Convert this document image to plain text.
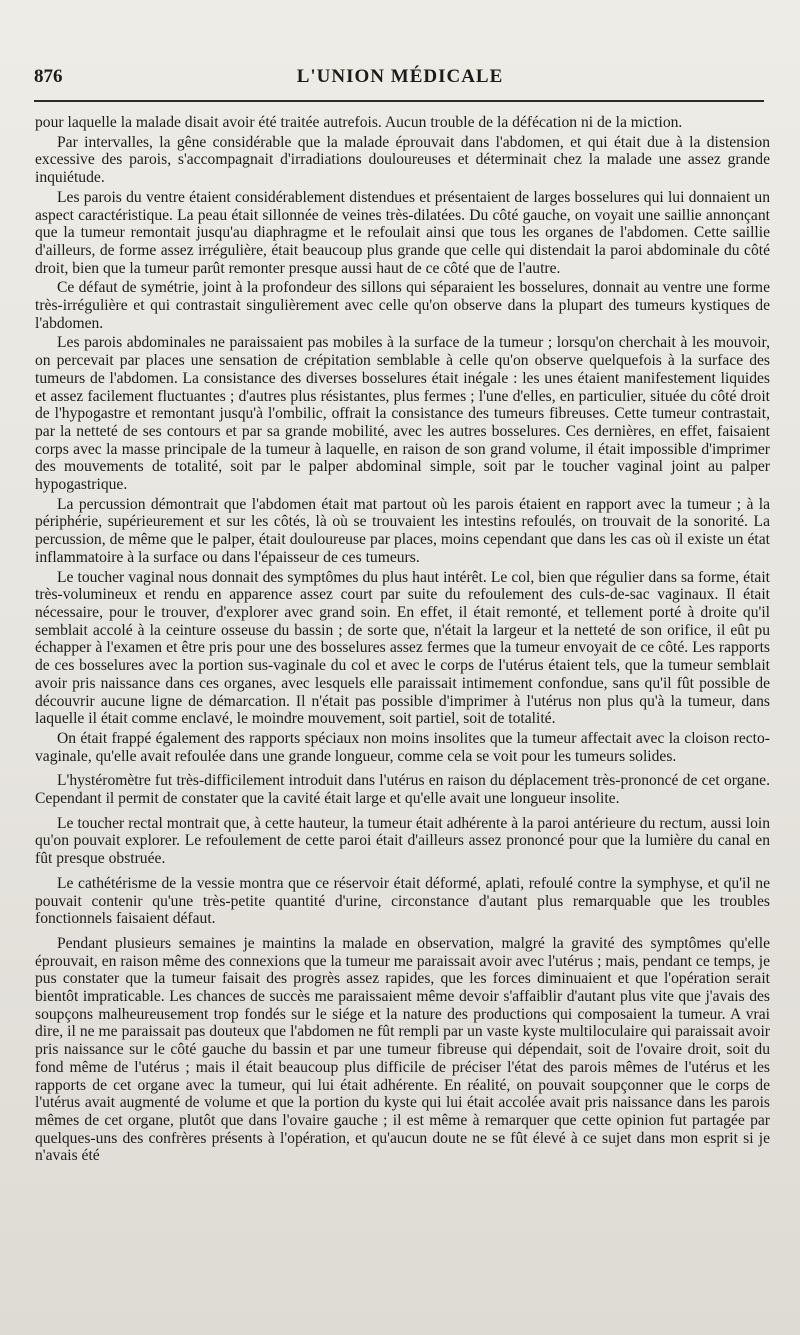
876	L'UNION MÉDICALE

pour laquelle la malade disait avoir été traitée autrefois. Aucun trouble de la défécation ni de la miction.

Par intervalles, la gêne considérable que la malade éprouvait dans l'abdomen, et qui était due à la distension excessive des parois, s'accompagnait d'irradiations douloureuses et déterminait chez la malade une assez grande inquiétude.

Les parois du ventre étaient considérablement distendues et présentaient de larges bosselures qui lui donnaient un aspect caractéristique. La peau était sillonnée de veines très-dilatées. Du côté gauche, on voyait une saillie annonçant que la tumeur remontait jusqu'au diaphragme et le refoulait ainsi que tous les organes de l'abdomen. Cette saillie d'ailleurs, de forme assez irrégulière, était beaucoup plus grande que celle qui distendait la paroi abdominale du côté droit, bien que la tumeur parût remonter presque aussi haut de ce côté que de l'autre.

Ce défaut de symétrie, joint à la profondeur des sillons qui séparaient les bosselures, donnait au ventre une forme très-irrégulière et qui contrastait singulièrement avec celle qu'on observe dans la plupart des tumeurs kystiques de l'abdomen.

Les parois abdominales ne paraissaient pas mobiles à la surface de la tumeur ; lorsqu'on cherchait à les mouvoir, on percevait par places une sensation de crépitation semblable à celle qu'on observe quelquefois à la surface des tumeurs de l'abdomen. La consistance des diverses bosselures était inégale : les unes étaient manifestement liquides et assez facilement fluctuantes ; d'autres plus résistantes, plus fermes ; l'une d'elles, en particulier, située du côté droit de l'hypogastre et remontant jusqu'à l'ombilic, offrait la consistance des tumeurs fibreuses. Cette tumeur contrastait, par la netteté de ses contours et par sa grande mobilité, avec les autres bosselures. Ces dernières, en effet, faisaient corps avec la masse principale de la tumeur à laquelle, en raison de son grand volume, il était impossible d'imprimer des mouvements de totalité, soit par le palper abdominal simple, soit par le toucher vaginal joint au palper hypogastrique.

La percussion démontrait que l'abdomen était mat partout où les parois étaient en rapport avec la tumeur ; à la périphérie, supérieurement et sur les côtés, là où se trouvaient les intestins refoulés, on trouvait de la sonorité. La percussion, de même que le palper, était douloureuse par places, moins cependant que dans les cas où il existe un état inflammatoire à la surface ou dans l'épaisseur de ces tumeurs.

Le toucher vaginal nous donnait des symptômes du plus haut intérêt. Le col, bien que régulier dans sa forme, était très-volumineux et rendu en apparence assez court par suite du refoulement des culs-de-sac vaginaux. Il était nécessaire, pour le trouver, d'explorer avec grand soin. En effet, il était remonté, et tellement porté à droite qu'il semblait accolé à la ceinture osseuse du bassin ; de sorte que, n'était la largeur et la netteté de son orifice, il eût pu échapper à l'examen et être pris pour une des bosselures assez fermes que la tumeur envoyait de ce côté. Les rapports de ces bosselures avec la portion sus-vaginale du col et avec le corps de l'utérus étaient tels, que la tumeur semblait avoir pris naissance dans ces organes, avec lesquels elle paraissait intimement confondue, sans qu'il fût possible de découvrir aucune ligne de démarcation. Il n'était pas possible d'imprimer à l'utérus non plus qu'à la tumeur, dans laquelle il était comme enclavé, le moindre mouvement, soit partiel, soit de totalité.

On était frappé également des rapports spéciaux non moins insolites que la tumeur affectait avec la cloison recto-vaginale, qu'elle avait refoulée dans une grande longueur, comme cela se voit pour les tumeurs solides.

L'hystéromètre fut très-difficilement introduit dans l'utérus en raison du déplacement très-prononcé de cet organe. Cependant il permit de constater que la cavité était large et qu'elle avait une longueur insolite.

Le toucher rectal montrait que, à cette hauteur, la tumeur était adhérente à la paroi antérieure du rectum, aussi loin qu'on pouvait explorer. Le refoulement de cette paroi était d'ailleurs assez prononcé pour que la lumière du canal en fût presque obstruée.

Le cathétérisme de la vessie montra que ce réservoir était déformé, aplati, refoulé contre la symphyse, et qu'il ne pouvait contenir qu'une très-petite quantité d'urine, circonstance d'autant plus remarquable que les troubles fonctionnels faisaient défaut.

Pendant plusieurs semaines je maintins la malade en observation, malgré la gravité des symptômes qu'elle éprouvait, en raison même des connexions que la tumeur me paraissait avoir avec l'utérus ; mais, pendant ce temps, je pus constater que la tumeur faisait des progrès assez rapides, que les forces diminuaient et que l'opération serait bientôt impraticable. Les chances de succès me paraissaient même devoir s'affaiblir d'autant plus vite que j'avais des soupçons malheureusement trop fondés sur le siége et la nature des productions qui composaient la tumeur. A vrai dire, il ne me paraissait pas douteux que l'abdomen ne fût rempli par un vaste kyste multiloculaire qui paraissait avoir pris naissance sur le côté gauche du bassin et par une tumeur fibreuse qui dépendait, soit de l'ovaire droit, soit du fond même de l'utérus ; mais il était beaucoup plus difficile de préciser l'état des parois mêmes de l'utérus et les rapports de cet organe avec la tumeur, qui lui était adhérente. En réalité, on pouvait soupçonner que le corps de l'utérus avait augmenté de volume et que la portion du kyste qui lui était accolée avait pris naissance dans les parois mêmes de cet organe, plutôt que dans l'ovaire gauche ; il est même à remarquer que cette opinion fut partagée par quelques-uns des confrères présents à l'opération, et qu'aucun doute ne se fût élevé à ce sujet dans mon esprit si je n'avais été
